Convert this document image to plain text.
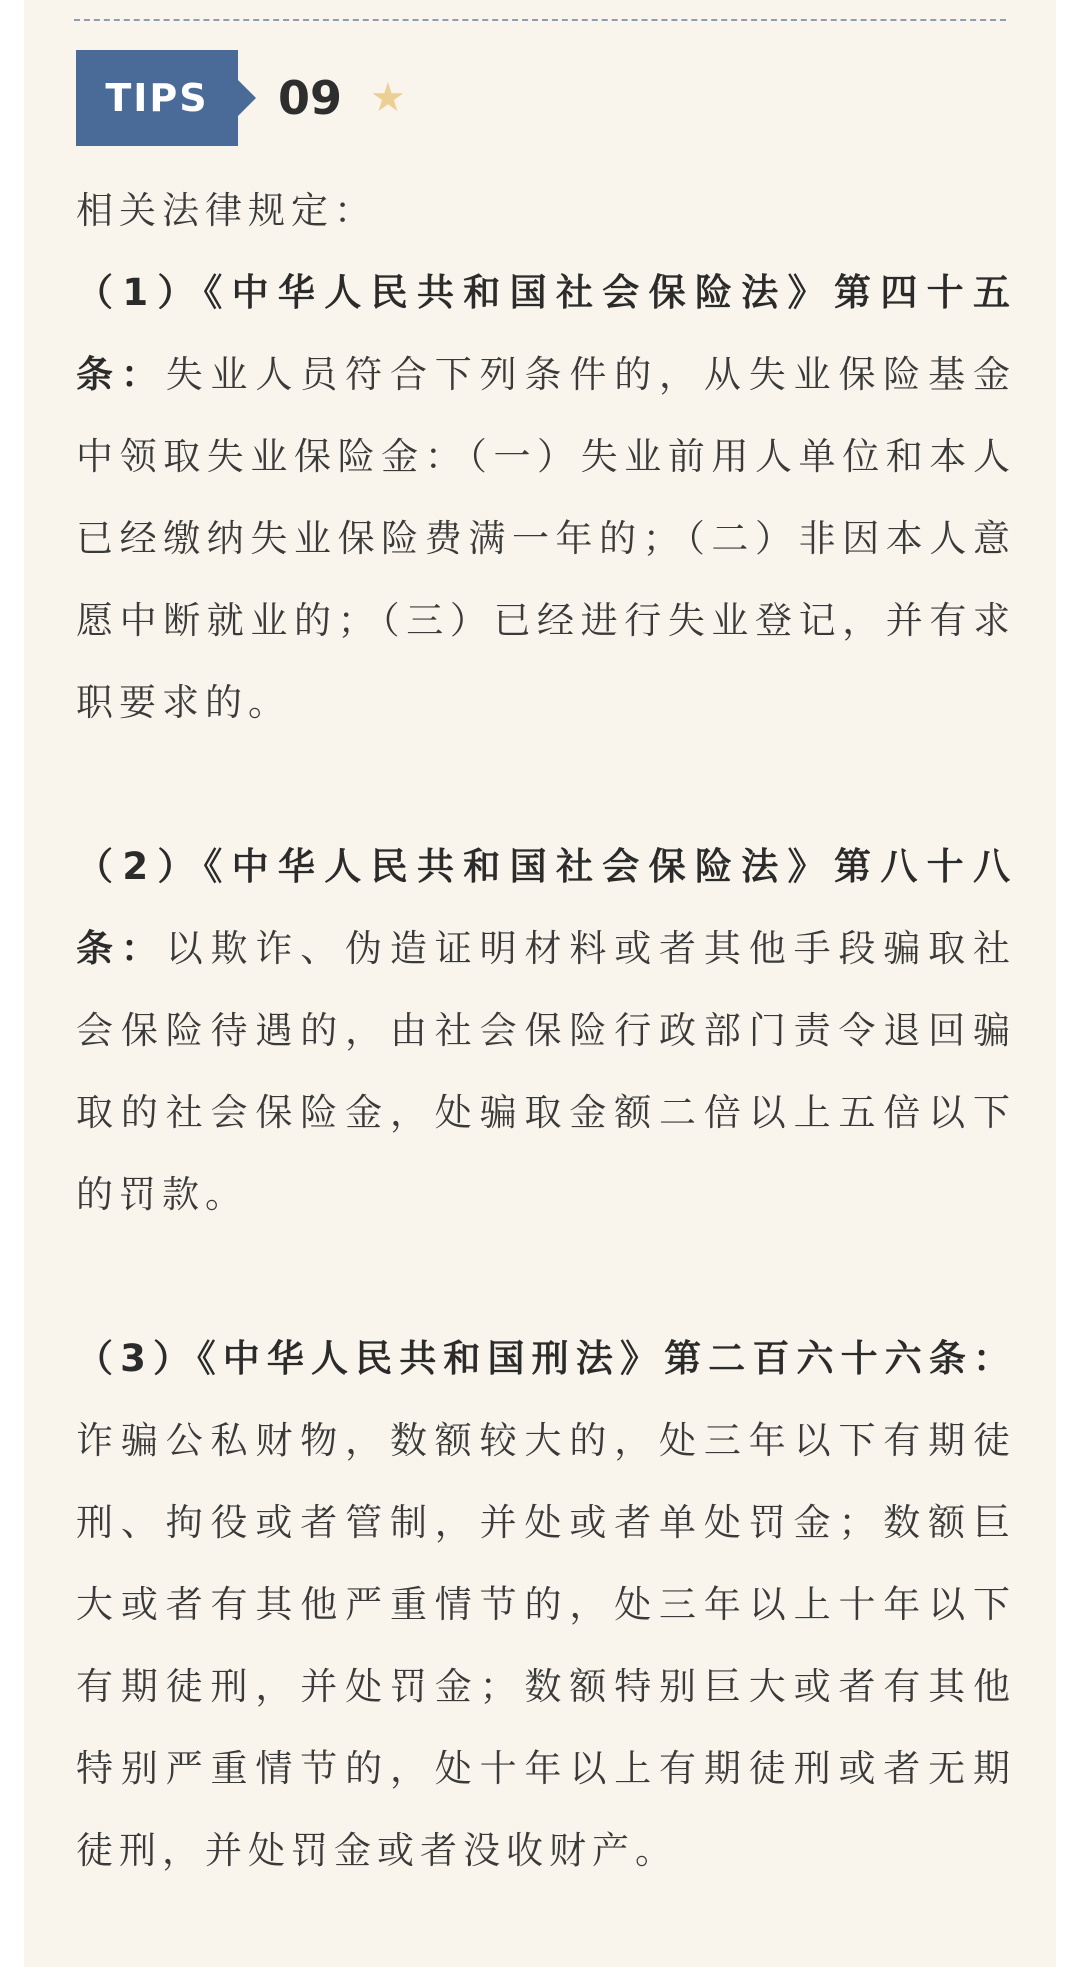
TIPS 09 ★

相关法律规定：

（1）《中华人民共和国社会保险法》第四十五条：失业人员符合下列条件的，从失业保险基金中领取失业保险金：（一）失业前用人单位和本人已经缴纳失业保险费满一年的；（二）非因本人意愿中断就业的；（三）已经进行失业登记，并有求职要求的。

（2）《中华人民共和国社会保险法》第八十八条：以欺诈、伪造证明材料或者其他手段骗取社会保险待遇的，由社会保险行政部门责令退回骗取的社会保险金，处骗取金额二倍以上五倍以下的罚款。

（3）《中华人民共和国刑法》第二百六十六条：诈骗公私财物，数额较大的，处三年以下有期徒刑、拘役或者管制，并处或者单处罚金；数额巨大或者有其他严重情节的，处三年以上十年以下有期徒刑，并处罚金；数额特别巨大或者有其他特别严重情节的，处十年以上有期徒刑或者无期徒刑，并处罚金或者没收财产。
